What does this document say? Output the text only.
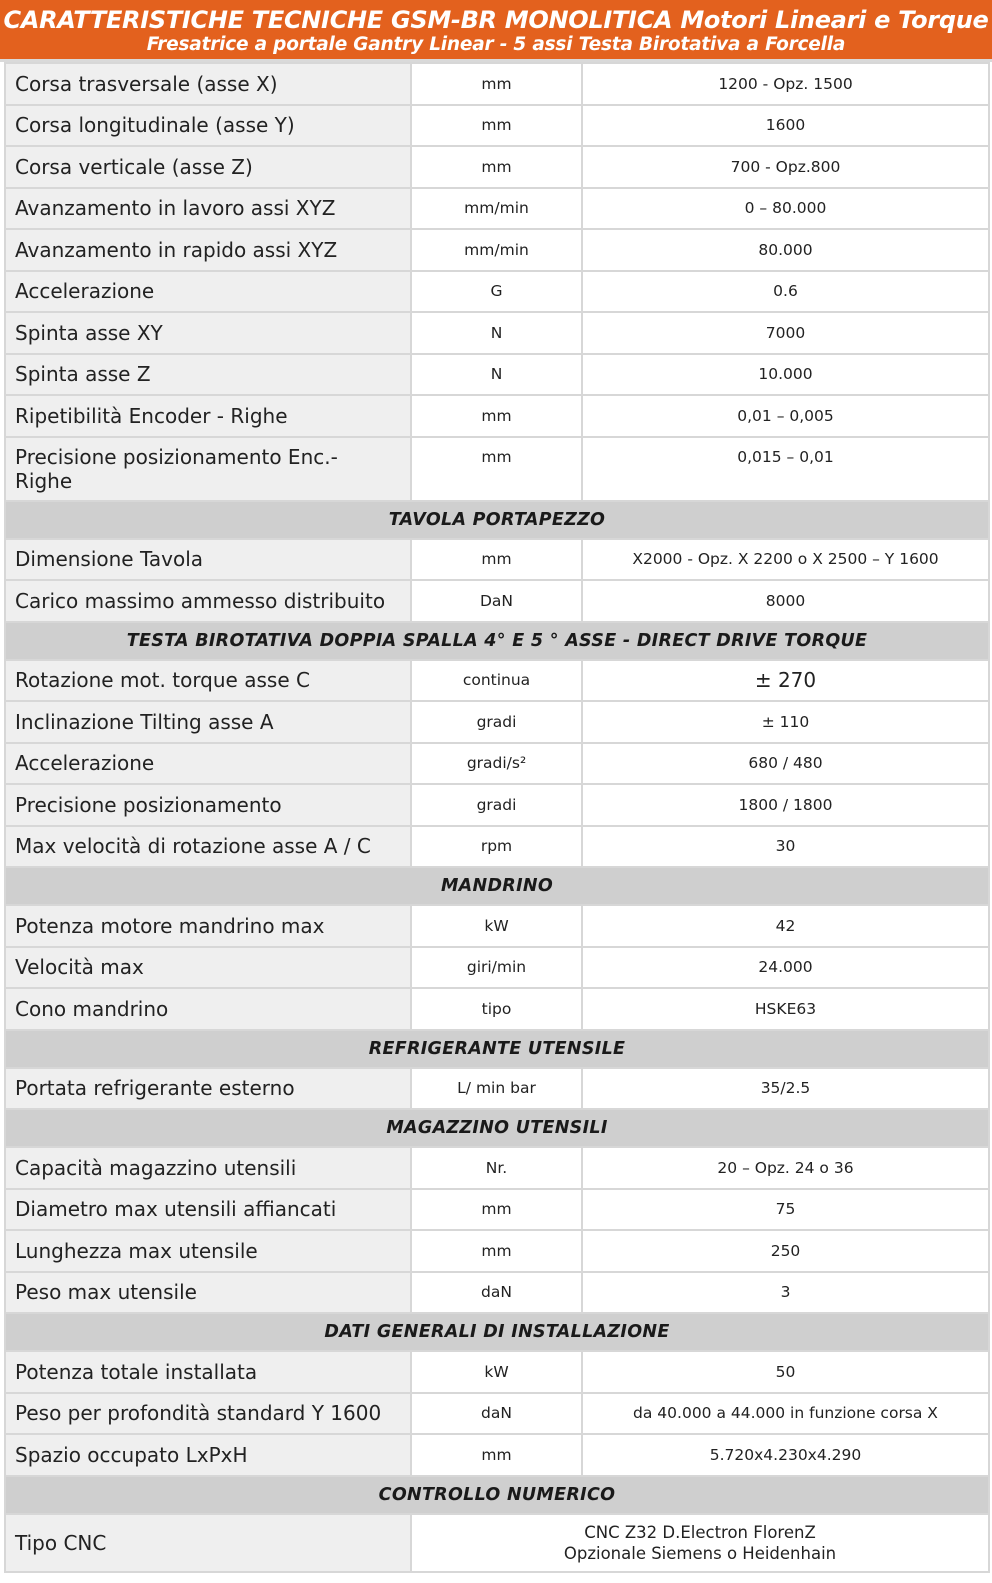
CARATTERISTICHE TECNICHE GSM-BR MONOLITICA Motori Lineari e Torque
Fresatrice a portale Gantry Linear - 5 assi Testa Birotativa a Forcella
Corsa trasversale (asse X)	mm	1200 - Opz. 1500
Corsa longitudinale (asse Y)	mm	1600
Corsa verticale (asse Z)	mm	700 - Opz.800
Avanzamento in lavoro assi XYZ	mm/min	0 – 80.000
Avanzamento in rapido assi XYZ	mm/min	80.000
Accelerazione	G	0.6
Spinta asse XY	N	7000
Spinta asse Z	N	10.000
Ripetibilità Encoder - Righe	mm	0,01 – 0,005
Precisione posizionamento Enc.- Righe	mm	0,015 – 0,01
TAVOLA PORTAPEZZO		
Dimensione Tavola	mm	X2000 - Opz. X 2200 o X 2500 – Y 1600
Carico massimo ammesso distribuito	DaN	8000
TESTA BIROTATIVA DOPPIA SPALLA 4° E 5 ° ASSE - DIRECT DRIVE TORQUE		
Rotazione mot. torque asse C	continua	± 270
Inclinazione Tilting asse A	gradi	± 110
Accelerazione	gradi/s²	680 / 480
Precisione posizionamento	gradi	1800 / 1800
Max velocità di rotazione asse A / C	rpm	30
MANDRINO		
Potenza motore mandrino max	kW	42
Velocità max	giri/min	24.000
Cono mandrino	tipo	HSKE63
REFRIGERANTE UTENSILE		
Portata refrigerante esterno	L/ min bar	35/2.5
MAGAZZINO UTENSILI		
Capacità magazzino utensili	Nr.	20 – Opz. 24 o 36
Diametro max utensili affiancati	mm	75
Lunghezza max utensile	mm	250
Peso max utensile	daN	3
DATI GENERALI DI INSTALLAZIONE		
Potenza totale installata	kW	50
Peso per profondità standard Y 1600	daN	da 40.000 a 44.000 in funzione corsa X
Spazio occupato LxPxH	mm	5.720x4.230x4.290
CONTROLLO NUMERICO		
Tipo CNC	CNC Z32 D.Electron FlorenZ
Opzionale Siemens o Heidenhain	
